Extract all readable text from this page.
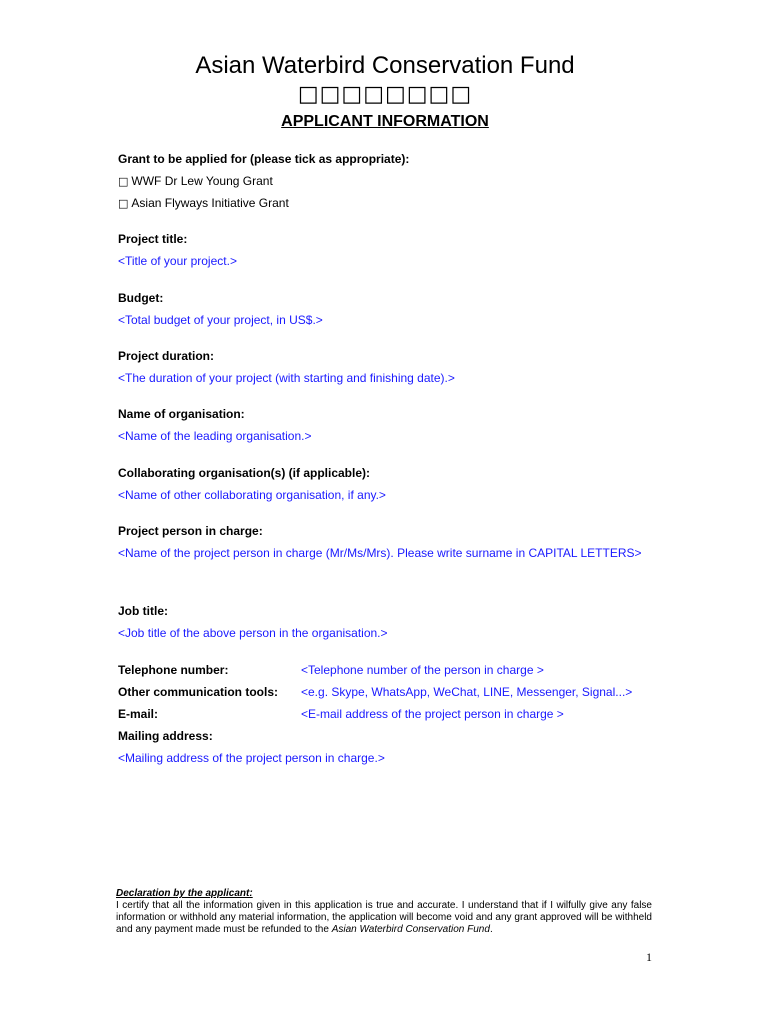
Asian Waterbird Conservation Fund
□□□□□□□□
APPLICANT INFORMATION
Grant to be applied for (please tick as appropriate):
□ WWF Dr Lew Young Grant
□ Asian Flyways Initiative Grant
Project title:
<Title of your project.>
Budget:
<Total budget of your project, in US$.>
Project duration:
<The duration of your project (with starting and finishing date).>
Name of organisation:
<Name of the leading organisation.>
Collaborating organisation(s) (if applicable):
<Name of other collaborating organisation, if any.>
Project person in charge:
<Name of the project person in charge (Mr/Ms/Mrs). Please write surname in CAPITAL LETTERS>
Job title:
<Job title of the above person in the organisation.>
Telephone number:	<Telephone number of the person in charge >
Other communication tools: <e.g. Skype, WhatsApp, WeChat, LINE, Messenger, Signal...>
E-mail:	<E-mail address of the project person in charge >
Mailing address:
<Mailing address of the project person in charge.>
Declaration by the applicant:
I certify that all the information given in this application is true and accurate. I understand that if I wilfully give any false information or withhold any material information, the application will become void and any grant approved will be withheld and any payment made must be refunded to the Asian Waterbird Conservation Fund.
1
